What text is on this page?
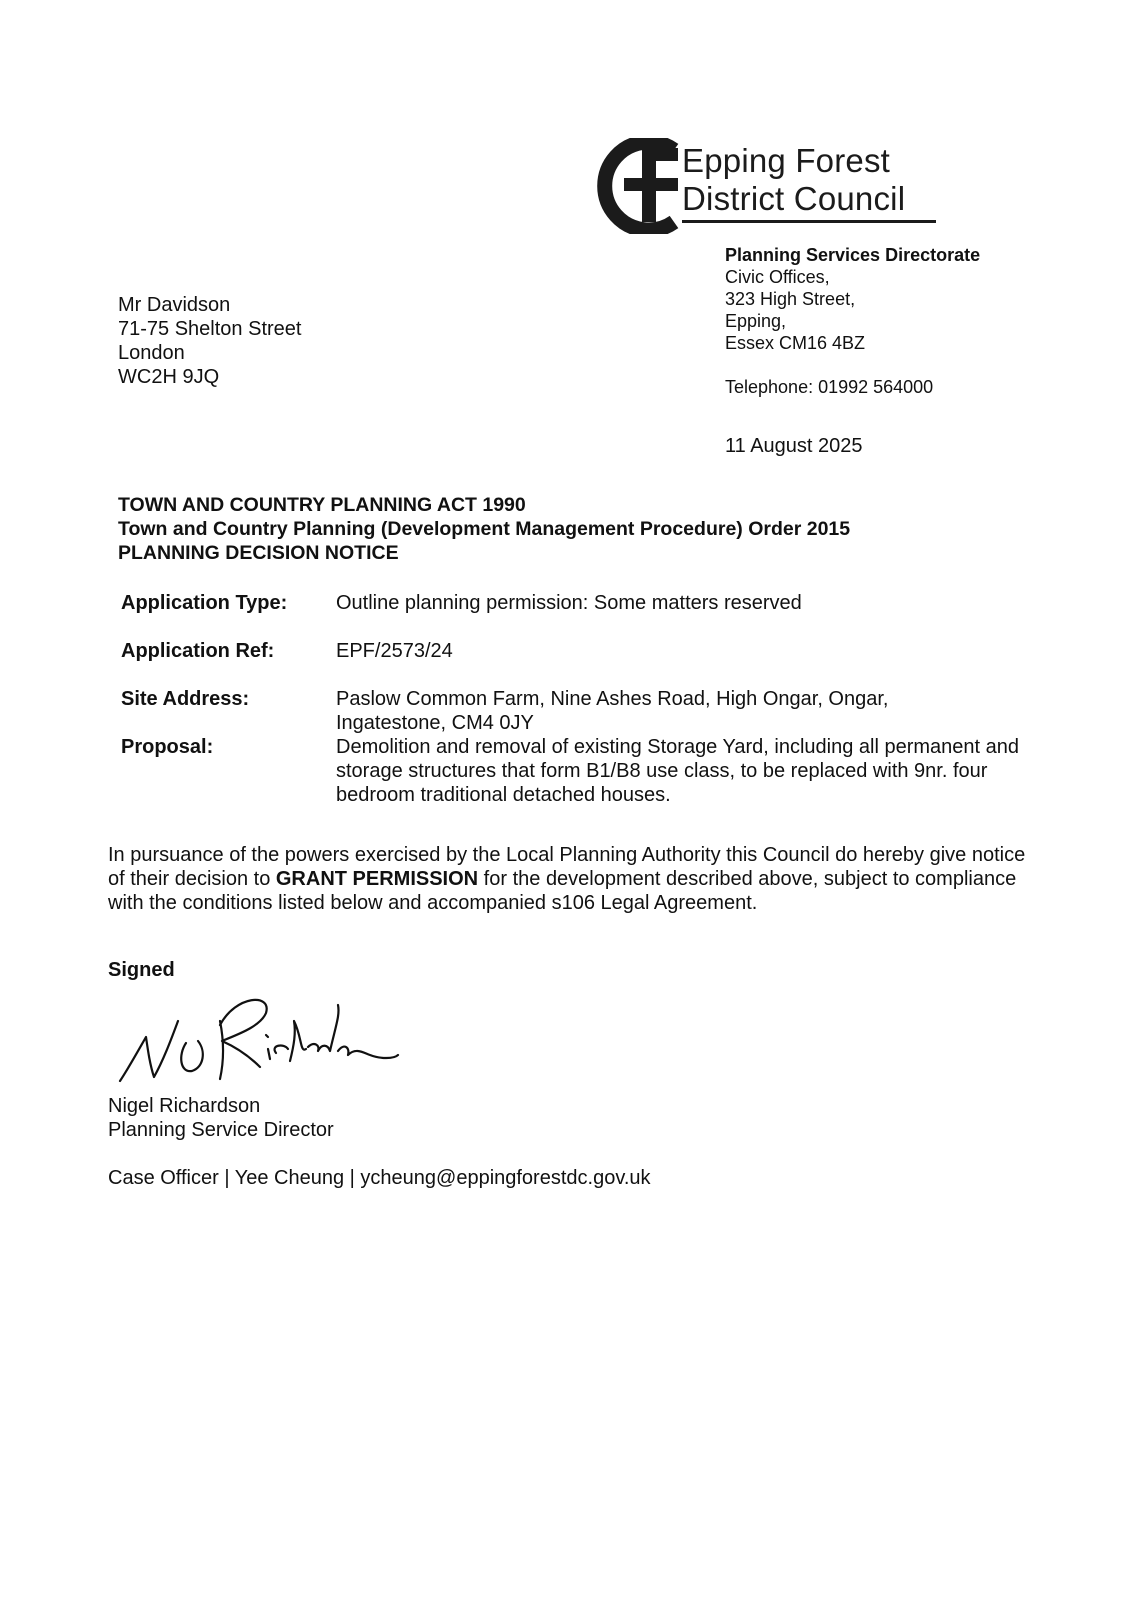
Epping Forest
District Council
Planning Services Directorate
Civic Offices,
323 High Street,
Epping,
Essex CM16 4BZ
Telephone: 01992 564000
11 August 2025
Mr Davidson
71-75 Shelton Street
London
WC2H 9JQ
TOWN AND COUNTRY PLANNING ACT 1990
Town and Country Planning (Development Management Procedure) Order 2015
PLANNING DECISION NOTICE
Application Type: Outline planning permission: Some matters reserved
Application Ref:	EPF/2573/24
Site Address:	Paslow Common Farm, Nine Ashes Road, High Ongar, Ongar, Ingatestone, CM4 0JY
Proposal:	Demolition and removal of existing Storage Yard, including all permanent and storage structures that form B1/B8 use class, to be replaced with 9nr. four bedroom traditional detached houses.
In pursuance of the powers exercised by the Local Planning Authority this Council do hereby give notice of their decision to GRANT PERMISSION for the development described above, subject to compliance with the conditions listed below and accompanied s106 Legal Agreement.
Signed
Nigel Richardson
Planning Service Director
Case Officer | Yee Cheung | ycheung@eppingforestdc.gov.uk
